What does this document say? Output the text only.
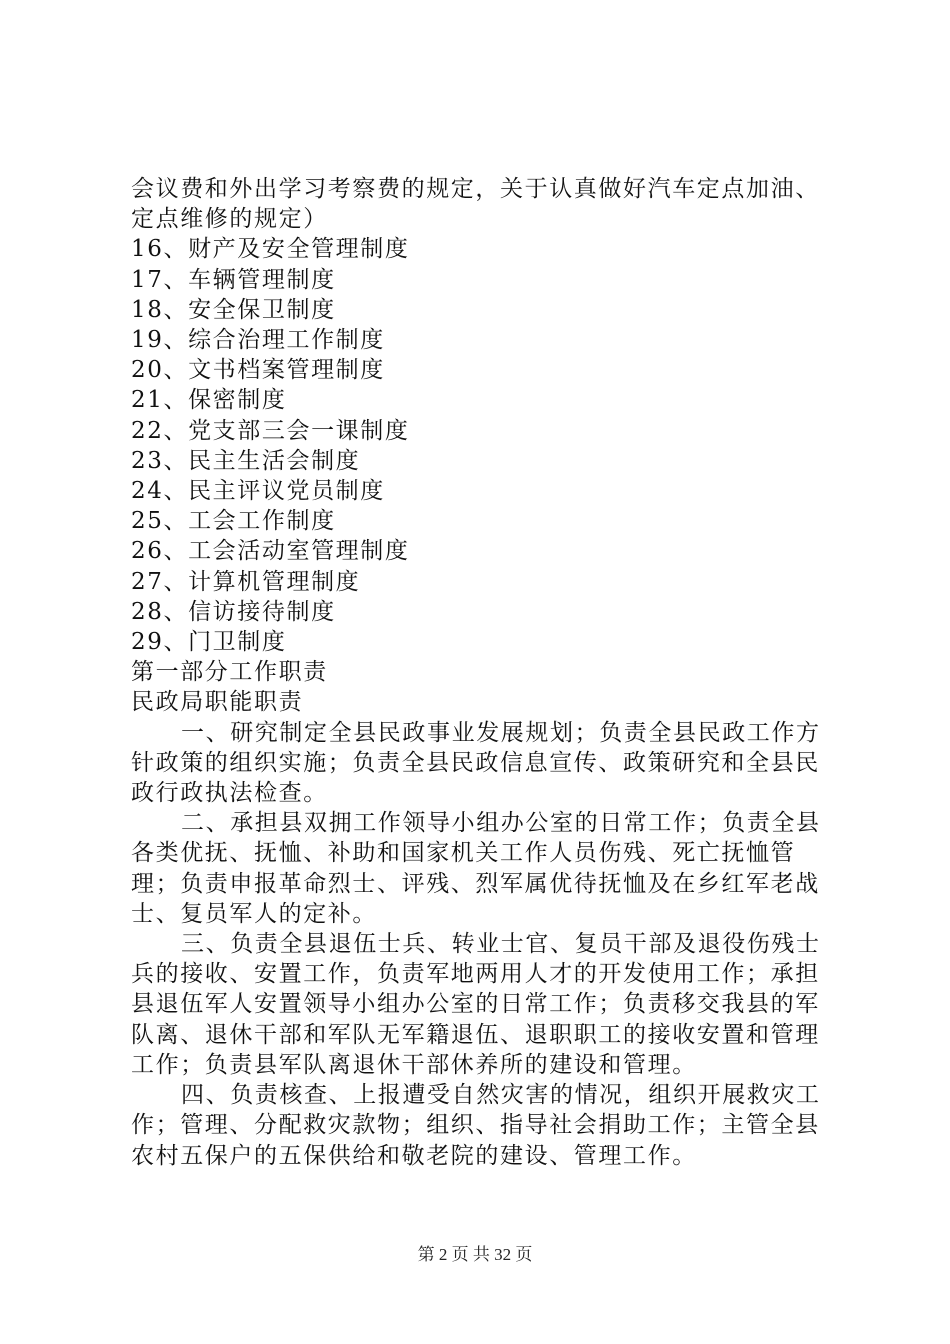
会议费和外出学习考察费的规定，关于认真做好汽车定点加油、定点维修的规定）

16、财产及安全管理制度

17、车辆管理制度

18、安全保卫制度

19、综合治理工作制度

20、文书档案管理制度

21、保密制度

22、党支部三会一课制度

23、民主生活会制度

24、民主评议党员制度

25、工会工作制度

26、工会活动室管理制度

27、计算机管理制度

28、信访接待制度

29、门卫制度

第一部分工作职责

民政局职能职责

一、研究制定全县民政事业发展规划；负责全县民政工作方针政策的组织实施；负责全县民政信息宣传、政策研究和全县民政行政执法检查。

二、承担县双拥工作领导小组办公室的日常工作；负责全县各类优抚、抚恤、补助和国家机关工作人员伤残、死亡抚恤管理；负责申报革命烈士、评残、烈军属优待抚恤及在乡红军老战士、复员军人的定补。

三、负责全县退伍士兵、转业士官、复员干部及退役伤残士兵的接收、安置工作，负责军地两用人才的开发使用工作；承担县退伍军人安置领导小组办公室的日常工作；负责移交我县的军队离、退休干部和军队无军籍退伍、退职职工的接收安置和管理工作；负责县军队离退休干部休养所的建设和管理。

四、负责核查、上报遭受自然灾害的情况，组织开展救灾工作；管理、分配救灾款物；组织、指导社会捐助工作；主管全县农村五保户的五保供给和敬老院的建设、管理工作。

第 2 页 共 32 页
